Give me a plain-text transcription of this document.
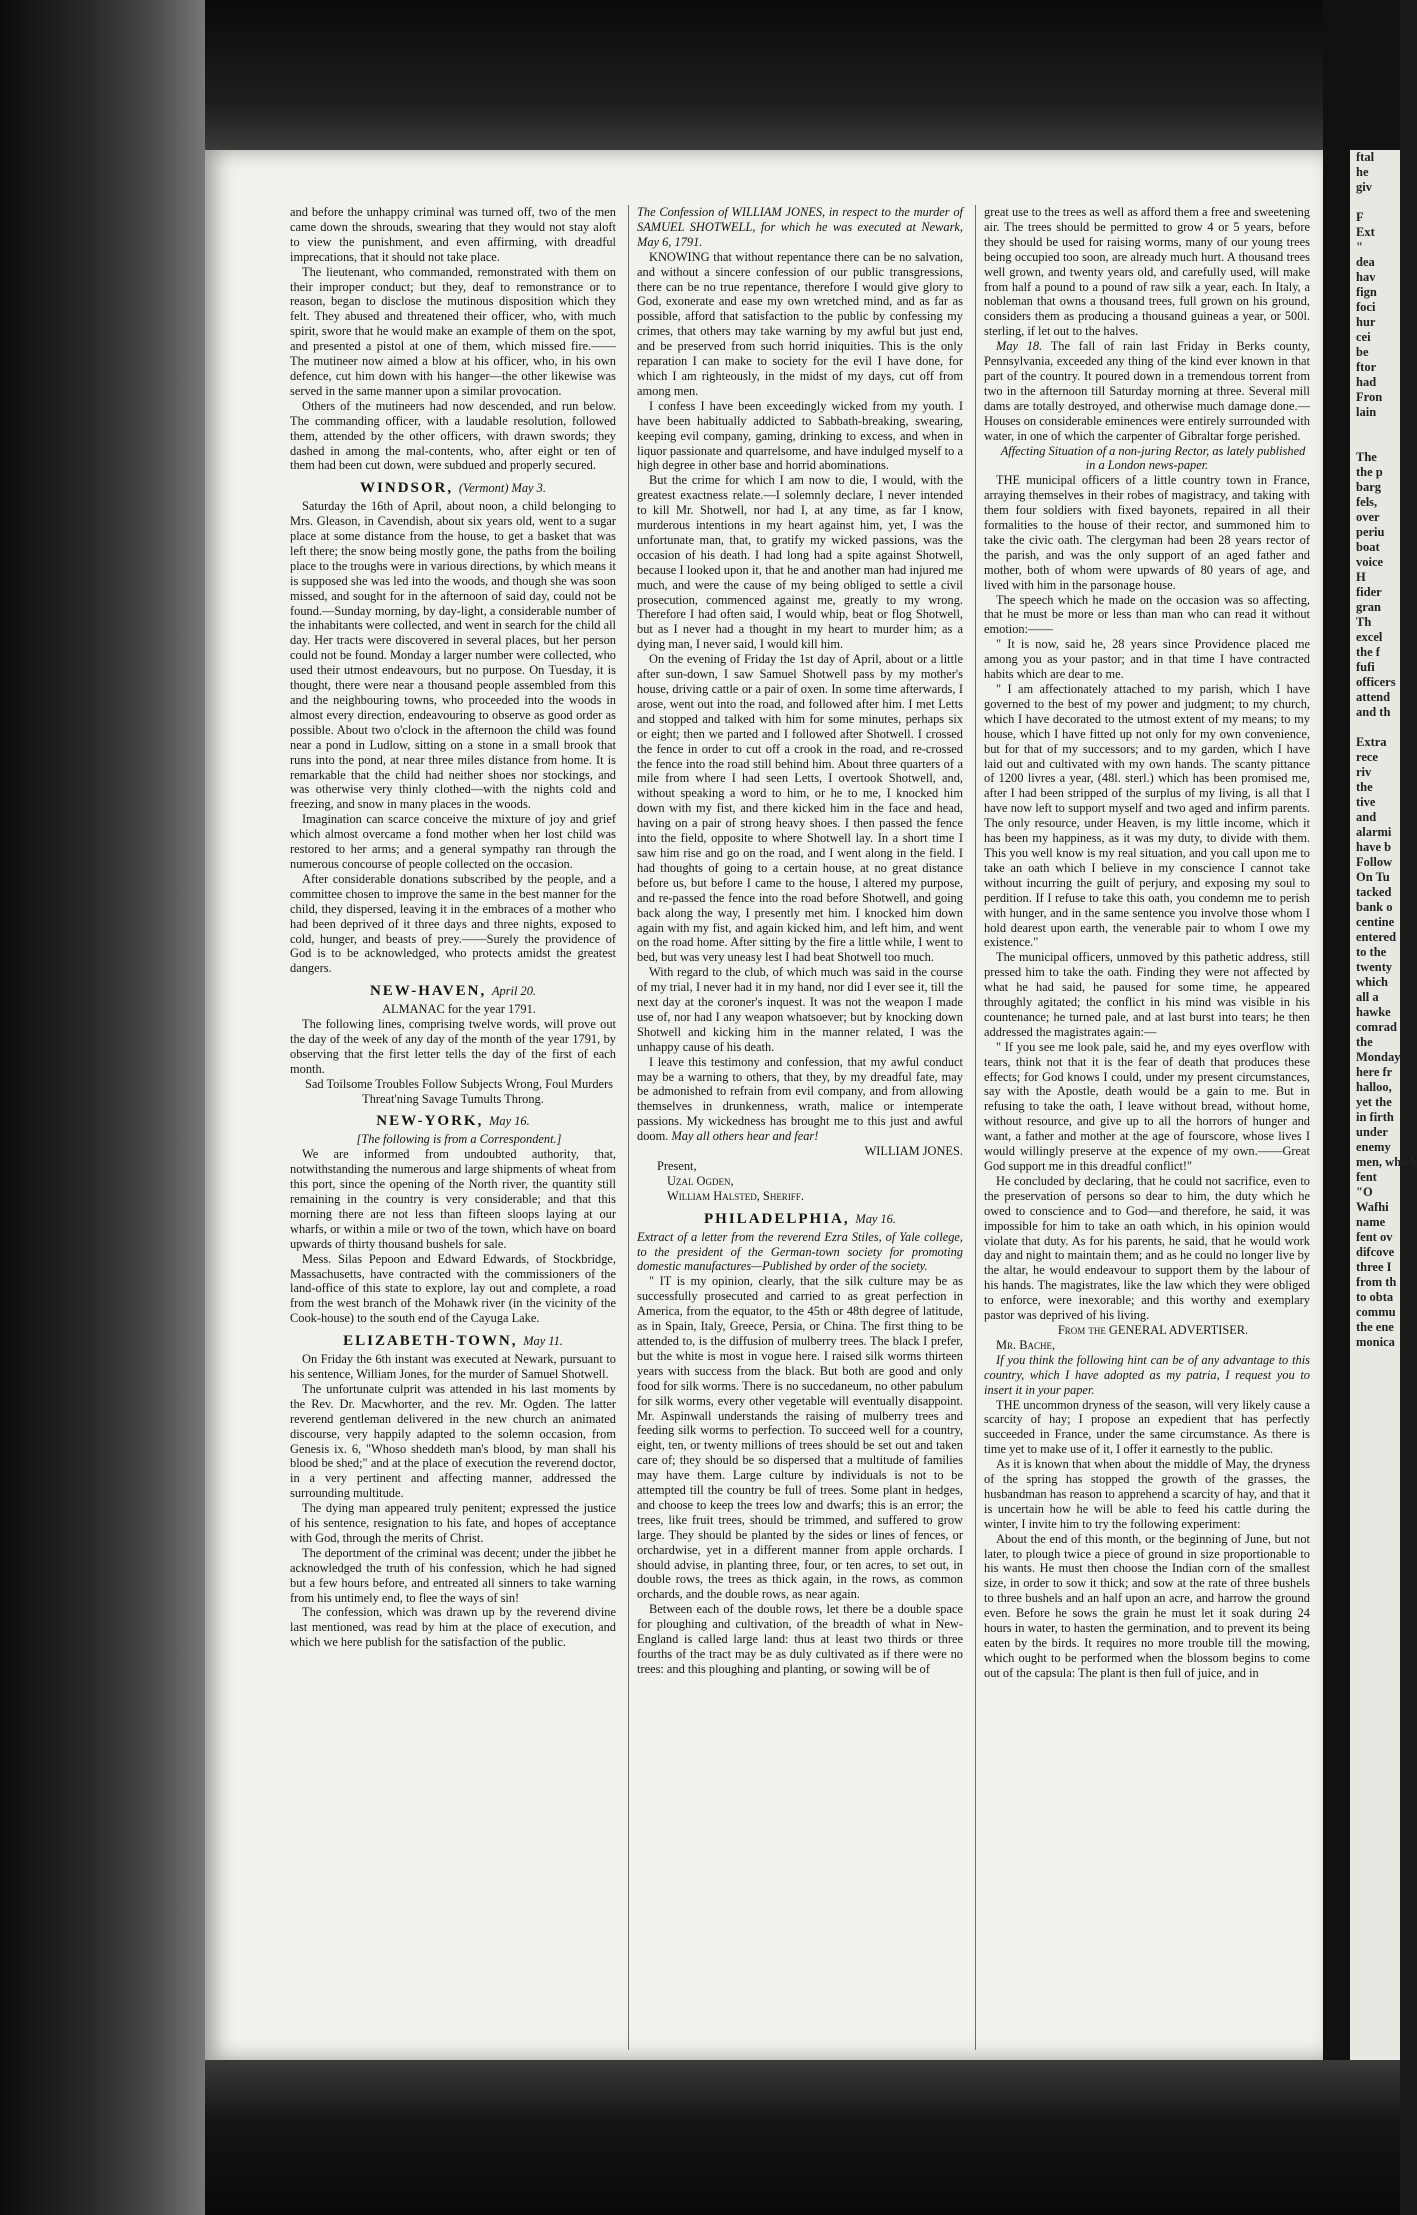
ftal
he
giv

F
Ext
"
dea
hav
fign
foci
hur
cei
be
ftor
had
Fron
lain

The
the p
barg
fels,
over
periu
boat
voice
H
fider
gran
Th
excel
the f
fufi
officers
attend
and th

Extra
rece
riv
the
tive
and
alarmi
have b
Follow
On Tu
tacked
bank o
centine
entered
to the
twenty
which
all a
hawke
comrad
the
Monday
here fr
halloo,
yet the
in firth
under
enemy
men, which
fent
"O
Wafhi
name
fent ov
difcove
three I
from th
to obta
commu
the ene
monica

and before the unhappy criminal was turned off, two of the men came down the shrouds, swearing that they would not stay aloft to view the punishment, and even affirming, with dreadful imprecations, that it should not take place.

The lieutenant, who commanded, remonstrated with them on their improper conduct; but they, deaf to remonstrance or to reason, began to disclose the mutinous disposition which they felt. They abused and threatened their officer, who, with much spirit, swore that he would make an example of them on the spot, and presented a pistol at one of them, which missed fire.—— The mutineer now aimed a blow at his officer, who, in his own defence, cut him down with his hanger—the other likewise was served in the same manner upon a similar provocation.

Others of the mutineers had now descended, and run below. The commanding officer, with a laudable resolution, followed them, attended by the other officers, with drawn swords; they dashed in among the mal-contents, who, after eight or ten of them had been cut down, were subdued and properly secured.

WINDSOR, (Vermont) May 3.

Saturday the 16th of April, about noon, a child belonging to Mrs. Gleason, in Cavendish, about six years old, went to a sugar place at some distance from the house, to get a basket that was left there; the snow being mostly gone, the paths from the boiling place to the troughs were in various directions, by which means it is supposed she was led into the woods, and though she was soon missed, and sought for in the afternoon of said day, could not be found.—Sunday morning, by day-light, a considerable number of the inhabitants were collected, and went in search for the child all day. Her tracts were discovered in several places, but her person could not be found. Monday a larger number were collected, who used their utmost endeavours, but no purpose. On Tuesday, it is thought, there were near a thousand people assembled from this and the neighbouring towns, who proceeded into the woods in almost every direction, endeavouring to observe as good order as possible. About two o'clock in the afternoon the child was found near a pond in Ludlow, sitting on a stone in a small brook that runs into the pond, at near three miles distance from home. It is remarkable that the child had neither shoes nor stockings, and was otherwise very thinly clothed—with the nights cold and freezing, and snow in many places in the woods.

Imagination can scarce conceive the mixture of joy and grief which almost overcame a fond mother when her lost child was restored to her arms; and a general sympathy ran through the numerous concourse of people collected on the occasion.

After considerable donations subscribed by the people, and a committee chosen to improve the same in the best manner for the child, they dispersed, leaving it in the embraces of a mother who had been deprived of it three days and three nights, exposed to cold, hunger, and beasts of prey.——Surely the providence of God is to be acknowledged, who protects amidst the greatest dangers.

NEW-HAVEN, April 20.

ALMANAC for the year 1791.

The following lines, comprising twelve words, will prove out the day of the week of any day of the month of the year 1791, by observing that the first letter tells the day of the first of each month.

Sad Toilsome Troubles Follow Subjects Wrong, Foul Murders Threat'ning Savage Tumults Throng.

NEW-YORK, May 16.

[The following is from a Correspondent.]

We are informed from undoubted authority, that, notwithstanding the numerous and large shipments of wheat from this port, since the opening of the North river, the quantity still remaining in the country is very considerable; and that this morning there are not less than fifteen sloops laying at our wharfs, or within a mile or two of the town, which have on board upwards of thirty thousand bushels for sale.

Mess. Silas Pepoon and Edward Edwards, of Stockbridge, Massachusetts, have contracted with the commissioners of the land-office of this state to explore, lay out and complete, a road from the west branch of the Mohawk river (in the vicinity of the Cook-house) to the south end of the Cayuga Lake.

ELIZABETH-TOWN, May 11.

On Friday the 6th instant was executed at Newark, pursuant to his sentence, William Jones, for the murder of Samuel Shotwell.

The unfortunate culprit was attended in his last moments by the Rev. Dr. Macwhorter, and the rev. Mr. Ogden. The latter reverend gentleman delivered in the new church an animated discourse, very happily adapted to the solemn occasion, from Genesis ix. 6, "Whoso sheddeth man's blood, by man shall his blood be shed;" and at the place of execution the reverend doctor, in a very pertinent and affecting manner, addressed the surrounding multitude.

The dying man appeared truly penitent; expressed the justice of his sentence, resignation to his fate, and hopes of acceptance with God, through the merits of Christ.

The deportment of the criminal was decent; under the jibbet he acknowledged the truth of his confession, which he had signed but a few hours before, and entreated all sinners to take warning from his untimely end, to flee the ways of sin!

The confession, which was drawn up by the reverend divine last mentioned, was read by him at the place of execution, and which we here publish for the satisfaction of the public.

The Confession of WILLIAM JONES, in respect to the murder of SAMUEL SHOTWELL, for which he was executed at Newark, May 6, 1791.

KNOWING that without repentance there can be no salvation, and without a sincere confession of our public transgressions, there can be no true repentance, therefore I would give glory to God, exonerate and ease my own wretched mind, and as far as possible, afford that satisfaction to the public by confessing my crimes, that others may take warning by my awful but just end, and be preserved from such horrid iniquities. This is the only reparation I can make to society for the evil I have done, for which I am righteously, in the midst of my days, cut off from among men.

I confess I have been exceedingly wicked from my youth. I have been habitually addicted to Sabbath-breaking, swearing, keeping evil company, gaming, drinking to excess, and when in liquor passionate and quarrelsome, and have indulged myself to a high degree in other base and horrid abominations.

But the crime for which I am now to die, I would, with the greatest exactness relate.—I solemnly declare, I never intended to kill Mr. Shotwell, nor had I, at any time, as far I know, murderous intentions in my heart against him, yet, I was the unfortunate man, that, to gratify my wicked passions, was the occasion of his death. I had long had a spite against Shotwell, because I looked upon it, that he and another man had injured me much, and were the cause of my being obliged to settle a civil prosecution, commenced against me, greatly to my wrong. Therefore I had often said, I would whip, beat or flog Shotwell, but as I never had a thought in my heart to murder him; as a dying man, I never said, I would kill him.

On the evening of Friday the 1st day of April, about or a little after sun-down, I saw Samuel Shotwell pass by my mother's house, driving cattle or a pair of oxen. In some time afterwards, I arose, went out into the road, and followed after him. I met Letts and stopped and talked with him for some minutes, perhaps six or eight; then we parted and I followed after Shotwell. I crossed the fence in order to cut off a crook in the road, and re-crossed the fence into the road still behind him. About three quarters of a mile from where I had seen Letts, I overtook Shotwell, and, without speaking a word to him, or he to me, I knocked him down with my fist, and there kicked him in the face and head, having on a pair of strong heavy shoes. I then passed the fence into the field, opposite to where Shotwell lay. In a short time I saw him rise and go on the road, and I went along in the field. I had thoughts of going to a certain house, at no great distance before us, but before I came to the house, I altered my purpose, and re-passed the fence into the road before Shotwell, and going back along the way, I presently met him. I knocked him down again with my fist, and again kicked him, and left him, and went on the road home. After sitting by the fire a little while, I went to bed, but was very uneasy lest I had beat Shotwell too much.

With regard to the club, of which much was said in the course of my trial, I never had it in my hand, nor did I ever see it, till the next day at the coroner's inquest. It was not the weapon I made use of, nor had I any weapon whatsoever; but by knocking down Shotwell and kicking him in the manner related, I was the unhappy cause of his death.

I leave this testimony and confession, that my awful conduct may be a warning to others, that they, by my dreadful fate, may be admonished to refrain from evil company, and from allowing themselves in drunkenness, wrath, malice or intemperate passions. My wickedness has brought me to this just and awful doom. May all others hear and fear!

WILLIAM JONES.

Present,

Uzal Ogden,

William Halsted, Sheriff.

PHILADELPHIA, May 16.

Extract of a letter from the reverend Ezra Stiles, of Yale college, to the president of the German-town society for promoting domestic manufactures—Published by order of the society.

" IT is my opinion, clearly, that the silk culture may be as successfully prosecuted and carried to as great perfection in America, from the equator, to the 45th or 48th degree of latitude, as in Spain, Italy, Greece, Persia, or China. The first thing to be attended to, is the diffusion of mulberry trees. The black I prefer, but the white is most in vogue here. I raised silk worms thirteen years with success from the black. But both are good and only food for silk worms. There is no succedaneum, no other pabulum for silk worms, every other vegetable will eventually disappoint. Mr. Aspinwall understands the raising of mulberry trees and feeding silk worms to perfection. To succeed well for a country, eight, ten, or twenty millions of trees should be set out and taken care of; they should be so dispersed that a multitude of families may have them. Large culture by individuals is not to be attempted till the country be full of trees. Some plant in hedges, and choose to keep the trees low and dwarfs; this is an error; the trees, like fruit trees, should be trimmed, and suffered to grow large. They should be planted by the sides or lines of fences, or orchardwise, yet in a different manner from apple orchards. I should advise, in planting three, four, or ten acres, to set out, in double rows, the trees as thick again, in the rows, as common orchards, and the double rows, as near again.

Between each of the double rows, let there be a double space for ploughing and cultivation, of the breadth of what in New-England is called large land: thus at least two thirds or three fourths of the tract may be as duly cultivated as if there were no trees: and this ploughing and planting, or sowing will be of

great use to the trees as well as afford them a free and sweetening air. The trees should be permitted to grow 4 or 5 years, before they should be used for raising worms, many of our young trees being occupied too soon, are already much hurt. A thousand trees well grown, and twenty years old, and carefully used, will make from half a pound to a pound of raw silk a year, each. In Italy, a nobleman that owns a thousand trees, full grown on his ground, considers them as producing a thousand guineas a year, or 500l. sterling, if let out to the halves.

May 18. The fall of rain last Friday in Berks county, Pennsylvania, exceeded any thing of the kind ever known in that part of the country. It poured down in a tremendous torrent from two in the afternoon till Saturday morning at three. Several mill dams are totally destroyed, and otherwise much damage done.—Houses on considerable eminences were entirely surrounded with water, in one of which the carpenter of Gibraltar forge perished.

Affecting Situation of a non-juring Rector, as lately published in a London news-paper.

THE municipal officers of a little country town in France, arraying themselves in their robes of magistracy, and taking with them four soldiers with fixed bayonets, repaired in all their formalities to the house of their rector, and summoned him to take the civic oath. The clergyman had been 28 years rector of the parish, and was the only support of an aged father and mother, both of whom were upwards of 80 years of age, and lived with him in the parsonage house.

The speech which he made on the occasion was so affecting, that he must be more or less than man who can read it without emotion:——

" It is now, said he, 28 years since Providence placed me among you as your pastor; and in that time I have contracted habits which are dear to me.

" I am affectionately attached to my parish, which I have governed to the best of my power and judgment; to my church, which I have decorated to the utmost extent of my means; to my house, which I have fitted up not only for my own convenience, but for that of my successors; and to my garden, which I have laid out and cultivated with my own hands. The scanty pittance of 1200 livres a year, (48l. sterl.) which has been promised me, after I had been stripped of the surplus of my living, is all that I have now left to support myself and two aged and infirm parents. The only resource, under Heaven, is my little income, which it has been my happiness, as it was my duty, to divide with them. This you well know is my real situation, and you call upon me to take an oath which I believe in my conscience I cannot take without incurring the guilt of perjury, and exposing my soul to perdition. If I refuse to take this oath, you condemn me to perish with hunger, and in the same sentence you involve those whom I hold dearest upon earth, the venerable pair to whom I owe my existence."

The municipal officers, unmoved by this pathetic address, still pressed him to take the oath. Finding they were not affected by what he had said, he paused for some time, he appeared throughly agitated; the conflict in his mind was visible in his countenance; he turned pale, and at last burst into tears; he then addressed the magistrates again:—

" If you see me look pale, said he, and my eyes overflow with tears, think not that it is the fear of death that produces these effects; for God knows I could, under my present circumstances, say with the Apostle, death would be a gain to me. But in refusing to take the oath, I leave without bread, without home, without resource, and give up to all the horrors of hunger and want, a father and mother at the age of fourscore, whose lives I would willingly preserve at the expence of my own.——Great God support me in this dreadful conflict!"

He concluded by declaring, that he could not sacrifice, even to the preservation of persons so dear to him, the duty which he owed to conscience and to God—and therefore, he said, it was impossible for him to take an oath which, in his opinion would violate that duty. As for his parents, he said, that he would work day and night to maintain them; and as he could no longer live by the altar, he would endeavour to support them by the labour of his hands. The magistrates, like the law which they were obliged to enforce, were inexorable; and this worthy and exemplary pastor was deprived of his living.

From the GENERAL ADVERTISER.

Mr. Bache,

If you think the following hint can be of any advantage to this country, which I have adopted as my patria, I request you to insert it in your paper.

THE uncommon dryness of the season, will very likely cause a scarcity of hay; I propose an expedient that has perfectly succeeded in France, under the same circumstance. As there is time yet to make use of it, I offer it earnestly to the public.

As it is known that when about the middle of May, the dryness of the spring has stopped the growth of the grasses, the husbandman has reason to apprehend a scarcity of hay, and that it is uncertain how he will be able to feed his cattle during the winter, I invite him to try the following experiment:

About the end of this month, or the beginning of June, but not later, to plough twice a piece of ground in size proportionable to his wants. He must then choose the Indian corn of the smallest size, in order to sow it thick; and sow at the rate of three bushels to three bushels and an half upon an acre, and harrow the ground even. Before he sows the grain he must let it soak during 24 hours in water, to hasten the germination, and to prevent its being eaten by the birds. It requires no more trouble till the mowing, which ought to be performed when the blossom begins to come out of the capsula: The plant is then full of juice, and in
